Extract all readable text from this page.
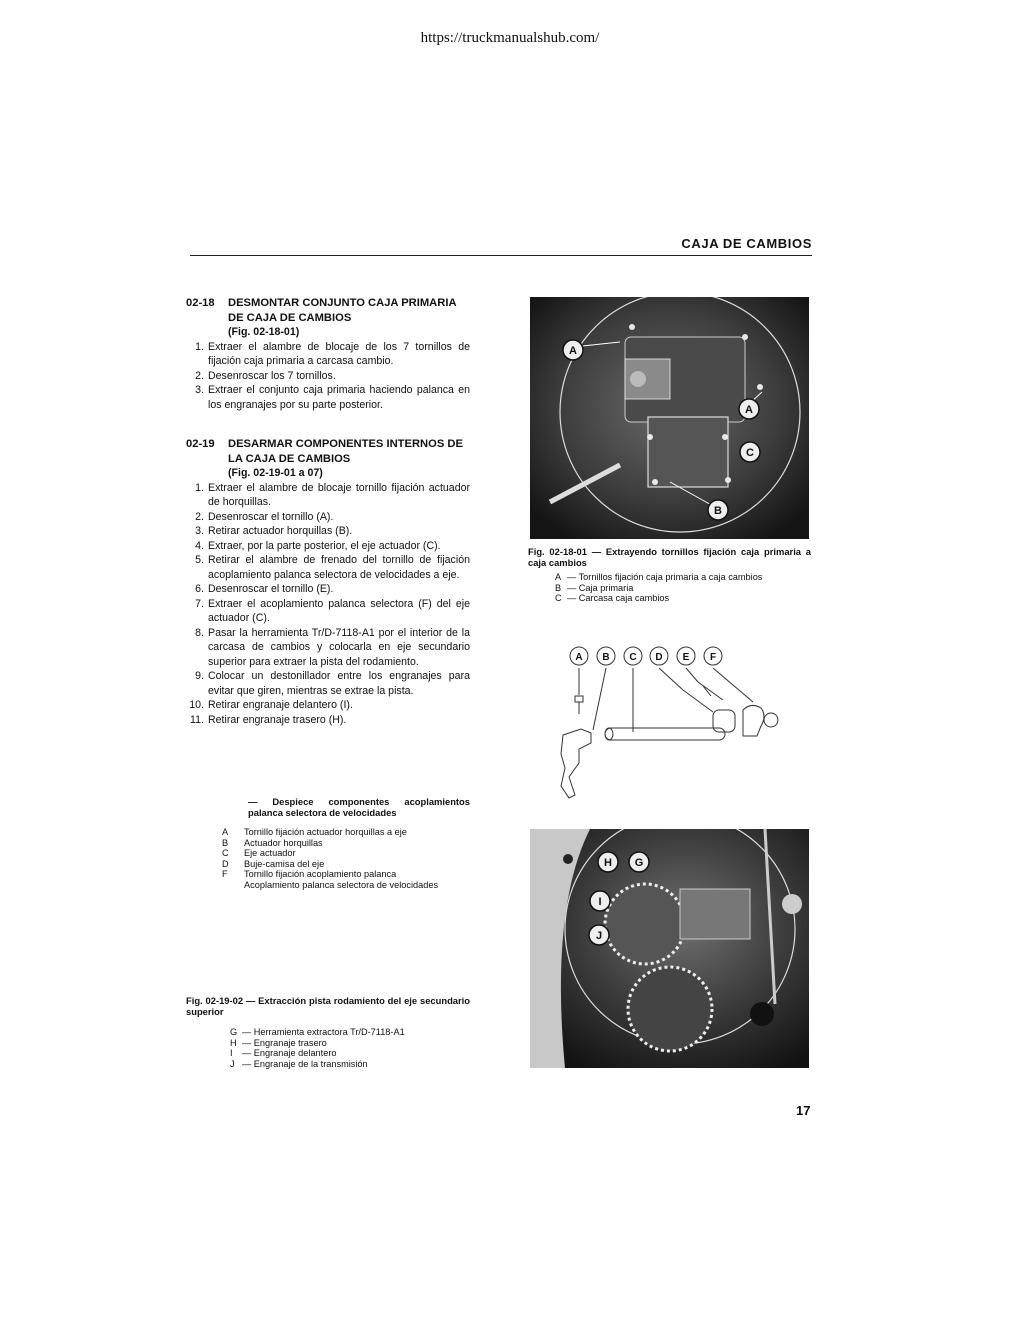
https://truckmanualshub.com/
CAJA DE CAMBIOS
02-18	DESMONTAR CONJUNTO CAJA PRIMARIA DE CAJA DE CAMBIOS
(Fig. 02-18-01)
1. Extraer el alambre de blocaje de los 7 tornillos de fijación caja primaria a carcasa cambio.
2. Desenroscar los 7 tornillos.
3. Extraer el conjunto caja primaria haciendo palanca en los engranajes por su parte posterior.
02-19	DESARMAR COMPONENTES INTERNOS DE LA CAJA DE CAMBIOS
(Fig. 02-19-01 a 07)
1. Extraer el alambre de blocaje tornillo fijación actuador de horquillas.
2. Desenroscar el tornillo (A).
3. Retirar actuador horquillas (B).
4. Extraer, por la parte posterior, el eje actuador (C).
5. Retirar el alambre de frenado del tornillo de fijación acoplamiento palanca selectora de velocidades a eje.
6. Desenroscar el tornillo (E).
7. Extraer el acoplamiento palanca selectora (F) del eje actuador (C).
8. Pasar la herramienta Tr/D-7118-A1 por el interior de la carcasa de cambios y colocarla en eje secundario superior para extraer la pista del rodamiento.
9. Colocar un destonillador entre los engranajes para evitar que giren, mientras se extrae la pista.
10. Retirar engranaje delantero (I).
11. Retirar engranaje trasero (H).
— Despiece componentes acoplamientos palanca selectora de velocidades
A	Tornillo fijación actuador horquillas a eje
B	Actuador horquillas
C	Eje actuador
D	Buje-camisa del eje
F	Tornillo fijación acoplamiento palanca
Acoplamiento palanca selectora de velocidades
Fig. 02-19-02 — Extracción pista rodamiento del eje secundario superior
G — Herramienta extractora Tr/D-7118-A1
H — Engranaje trasero
I	— Engranaje delantero
J — Engranaje de la transmisión
A
A
C
B
Fig. 02-18-01 — Extrayendo tornillos fijación caja primaria a caja cambios
A — Tornillos fijación caja primaria a caja cambios
B — Caja primaria
C — Carcasa caja cambios
A B C D E F
H G
I
J
17
